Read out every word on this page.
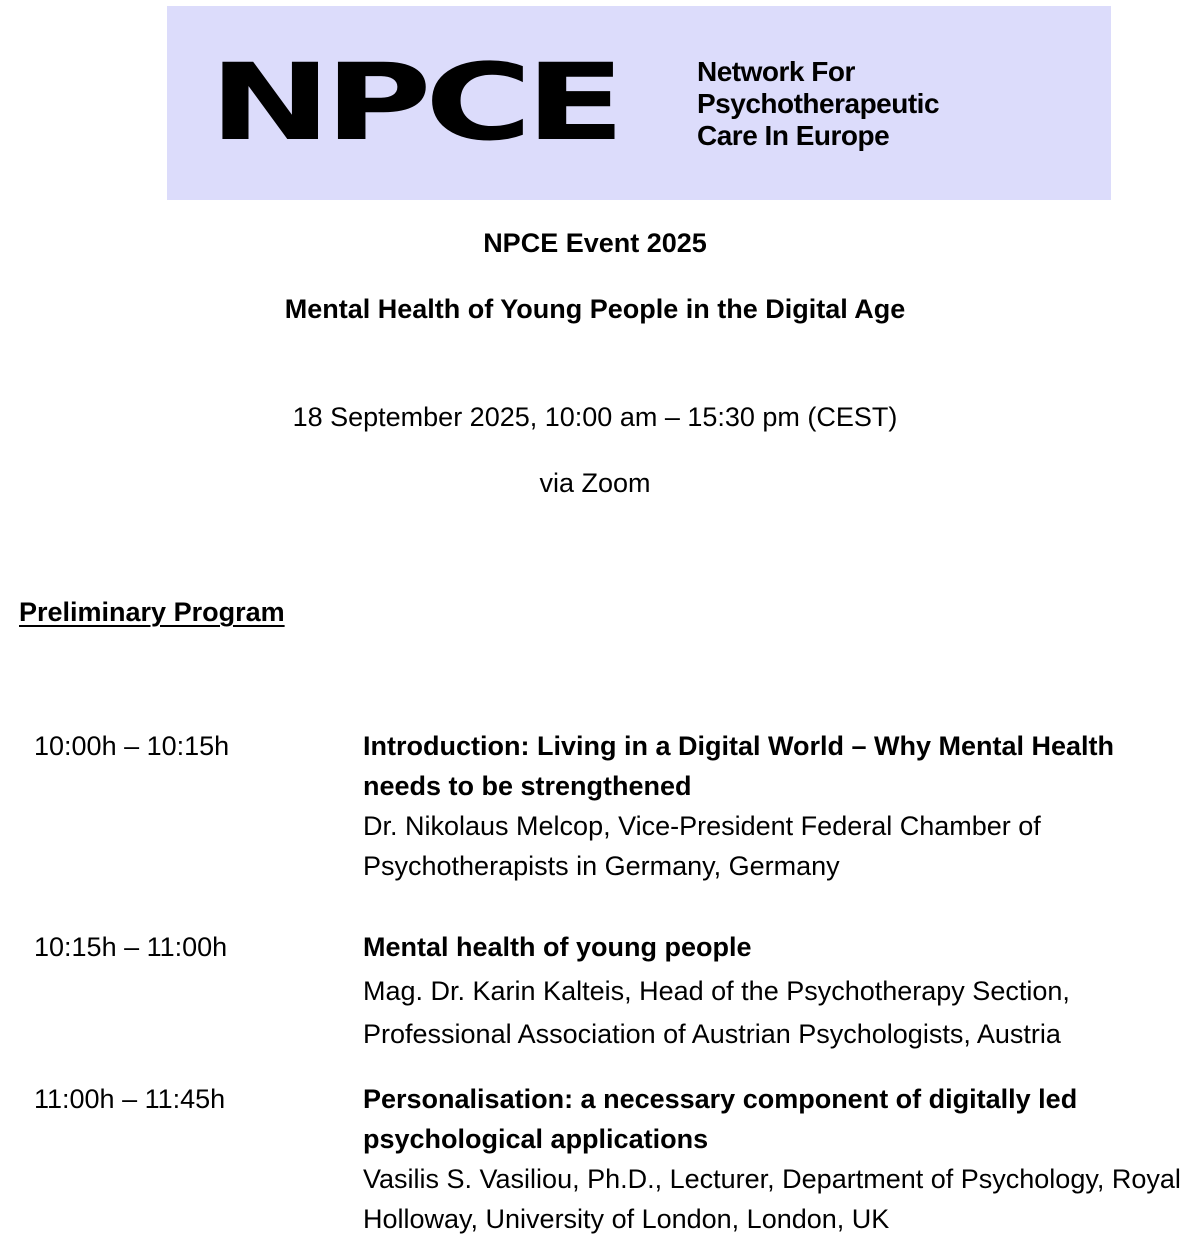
NPCE	Network For
Psychotherapeutic
Care In Europe
NPCE Event 2025
Mental Health of Young People in the Digital Age
18 September 2025, 10:00 am – 15:30 pm (CEST)
via Zoom
Preliminary Program
10:00h – 10:15h	Introduction: Living in a Digital World – Why Mental Health needs to be strengthened
Dr. Nikolaus Melcop, Vice-President Federal Chamber of Psychotherapists in Germany, Germany
10:15h – 11:00h	Mental health of young people
Mag. Dr. Karin Kalteis, Head of the Psychotherapy Section, Professional Association of Austrian Psychologists, Austria
11:00h – 11:45h	Personalisation: a necessary component of digitally led psychological applications
Vasilis S. Vasiliou, Ph.D., Lecturer, Department of Psychology, Royal Holloway, University of London, London, UK
